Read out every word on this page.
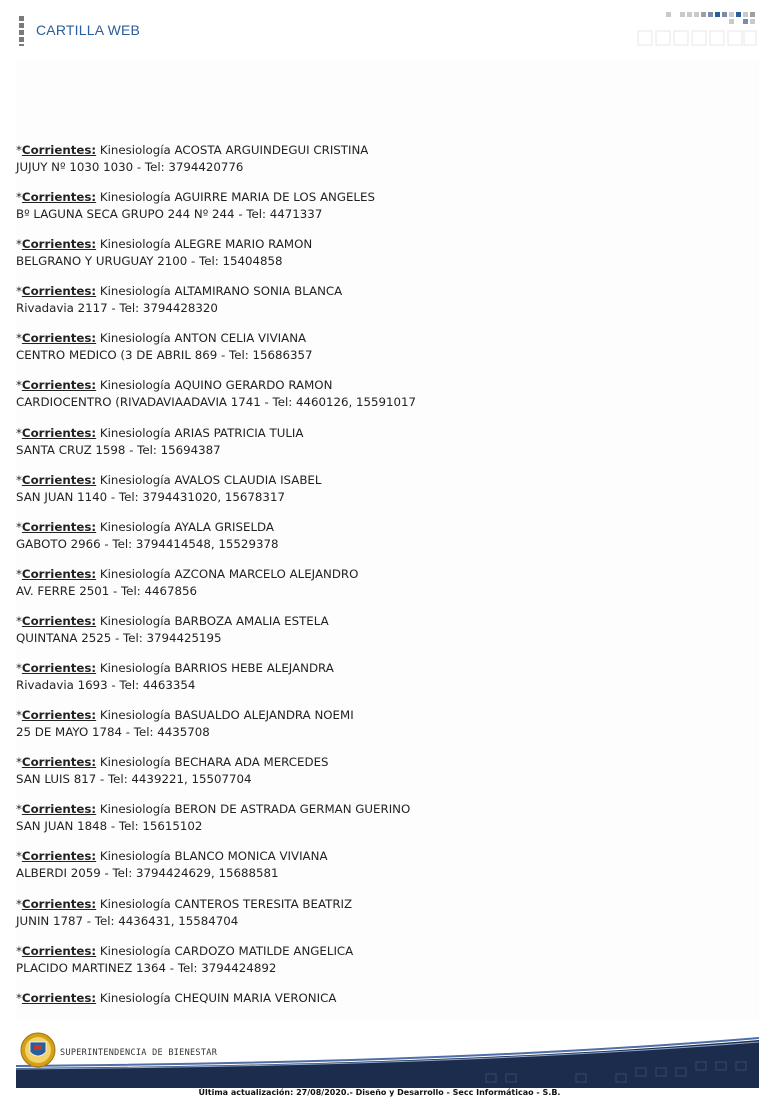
CARTILLA WEB
*Corrientes: Kinesiología ACOSTA ARGUINDEGUI CRISTINA
JUJUY Nº 1030 1030 - Tel: 3794420776
*Corrientes: Kinesiología AGUIRRE MARIA DE LOS ANGELES
Bº LAGUNA SECA GRUPO 244 Nº 244 - Tel: 4471337
*Corrientes: Kinesiología ALEGRE MARIO RAMON
BELGRANO Y URUGUAY 2100 - Tel: 15404858
*Corrientes: Kinesiología ALTAMIRANO SONIA BLANCA
Rivadavia 2117 - Tel: 3794428320
*Corrientes: Kinesiología ANTON CELIA VIVIANA
CENTRO MEDICO (3 DE ABRIL 869 - Tel: 15686357
*Corrientes: Kinesiología AQUINO GERARDO RAMON
CARDIOCENTRO (RIVADAVIAADAVIA 1741 - Tel: 4460126, 15591017
*Corrientes: Kinesiología ARIAS PATRICIA TULIA
SANTA CRUZ 1598 - Tel: 15694387
*Corrientes: Kinesiología AVALOS CLAUDIA ISABEL
SAN JUAN 1140 - Tel: 3794431020, 15678317
*Corrientes: Kinesiología AYALA GRISELDA
GABOTO 2966 - Tel: 3794414548, 15529378
*Corrientes: Kinesiología AZCONA MARCELO ALEJANDRO
AV. FERRE 2501 - Tel: 4467856
*Corrientes: Kinesiología BARBOZA AMALIA ESTELA
QUINTANA 2525 - Tel: 3794425195
*Corrientes: Kinesiología BARRIOS HEBE ALEJANDRA
Rivadavia 1693 - Tel: 4463354
*Corrientes: Kinesiología BASUALDO ALEJANDRA NOEMI
25 DE MAYO 1784 - Tel: 4435708
*Corrientes: Kinesiología BECHARA ADA MERCEDES
SAN LUIS 817 - Tel: 4439221, 15507704
*Corrientes: Kinesiología BERON DE ASTRADA GERMAN GUERINO
SAN JUAN 1848 - Tel: 15615102
*Corrientes: Kinesiología BLANCO MONICA VIVIANA
ALBERDI 2059 - Tel: 3794424629, 15688581
*Corrientes: Kinesiología CANTEROS TERESITA BEATRIZ
JUNIN 1787 - Tel: 4436431, 15584704
*Corrientes: Kinesiología CARDOZO MATILDE ANGELICA
PLACIDO MARTINEZ 1364 - Tel: 3794424892
*Corrientes: Kinesiología CHEQUIN MARIA VERONICA
SUPERINTENDENCIA DE BIENESTAR
Última actualización: 27/08/2020.- Diseño y Desarrollo - Secc Informáticao - S.B.
